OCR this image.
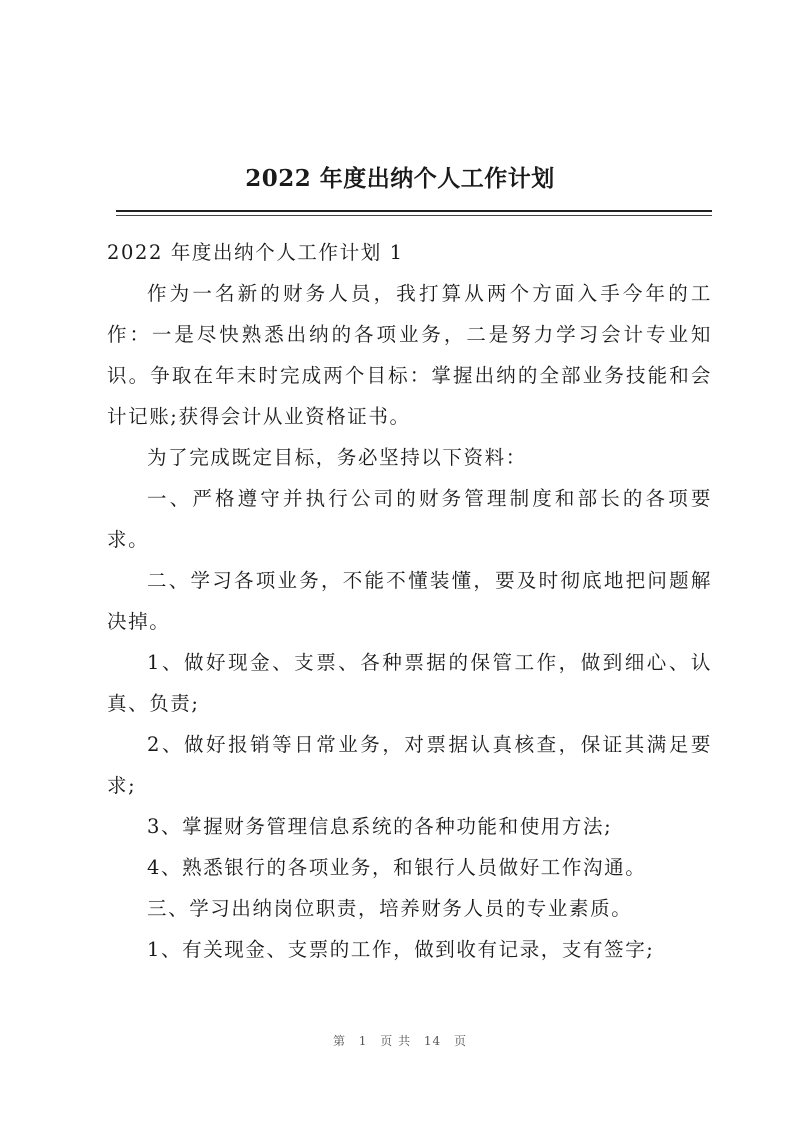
2022 年度出纳个人工作计划

2022 年度出纳个人工作计划 1

作为一名新的财务人员，我打算从两个方面入手今年的工作：一是尽快熟悉出纳的各项业务，二是努力学习会计专业知识。争取在年末时完成两个目标：掌握出纳的全部业务技能和会计记账;获得会计从业资格证书。

为了完成既定目标，务必坚持以下资料：

一、严格遵守并执行公司的财务管理制度和部长的各项要求。

二、学习各项业务，不能不懂装懂，要及时彻底地把问题解决掉。

1、做好现金、支票、各种票据的保管工作，做到细心、认真、负责;

2、做好报销等日常业务，对票据认真核查，保证其满足要求;

3、掌握财务管理信息系统的各种功能和使用方法;

4、熟悉银行的各项业务，和银行人员做好工作沟通。

三、学习出纳岗位职责，培养财务人员的专业素质。

1、有关现金、支票的工作，做到收有记录，支有签字;

第 1 页 共 14 页
